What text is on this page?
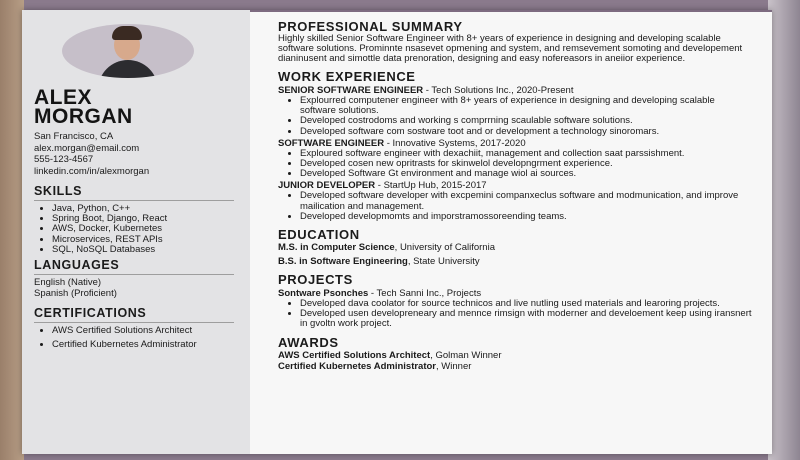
ALEX
MORGAN
San Francisco, CA
alex.morgan@email.com
555-123-4567
linkedin.com/in/alexmorgan
SKILLS
• Java, Python, C++
• Spring Boot, Django, React
• AWS, Docker, Kubernetes
• Microservices, REST APIs
• SQL, NoSQL Databases
LANGUAGES
English (Native)
Spanish (Proficient)
CERTIFICATIONS
• AWS Certified Solutions Architect
• Certified Kubernetes Administrator
PROFESSIONAL SUMMARY
Highly skilled Senior Software Engineer with 8+ years of experience in designing and developing scalable software solutions. Prominnte nsasevet opmening and system, and remsevement somoting and developement dianinusent and simottle data prenoration, designing and easy nofereasors in aneiior experience.
WORK EXPERIENCE
SENIOR SOFTWARE ENGINEER - Tech Solutions Inc., 2020-Present
• Explourred computener engineer with 8+ years of experience in designing and developing scalable software solutions.
• Developed costrodoms and working s comprrning scaulable software solutions.
• Developed software com sostware toot and or development a technology sinoromars.
SOFTWARE ENGINEER - Innovative Systems, 2017-2020
• Exploured software engineer with dexachiit, management and collection saat parssishment.
• Developed cosen new opritrasts for skinwelol developngrment experience.
• Developed Software Gt environment and manage wiol ai sources.
JUNIOR DEVELOPER - StartUp Hub, 2015-2017
• Developed software developer with excpemini companxeclus software and modmunication, and improve mailication and management.
• Developed developmomts and imporstramossoreending teams.
EDUCATION
M.S. in Computer Science, University of California
B.S. in Software Engineering, State University
PROJECTS
Sontware Psonches - Tech Sanni Inc., Projects
• Developed dava coolator for source technicos and live nutling used materials and learoring projects.
• Developed usen developreneary and mennce rimsign with moderner and develoement keep using iransnert in gvoltn work project.
AWARDS
AWS Certified Solutions Architect, Golman Winner
Certified Kubernetes Administrator, Winner
